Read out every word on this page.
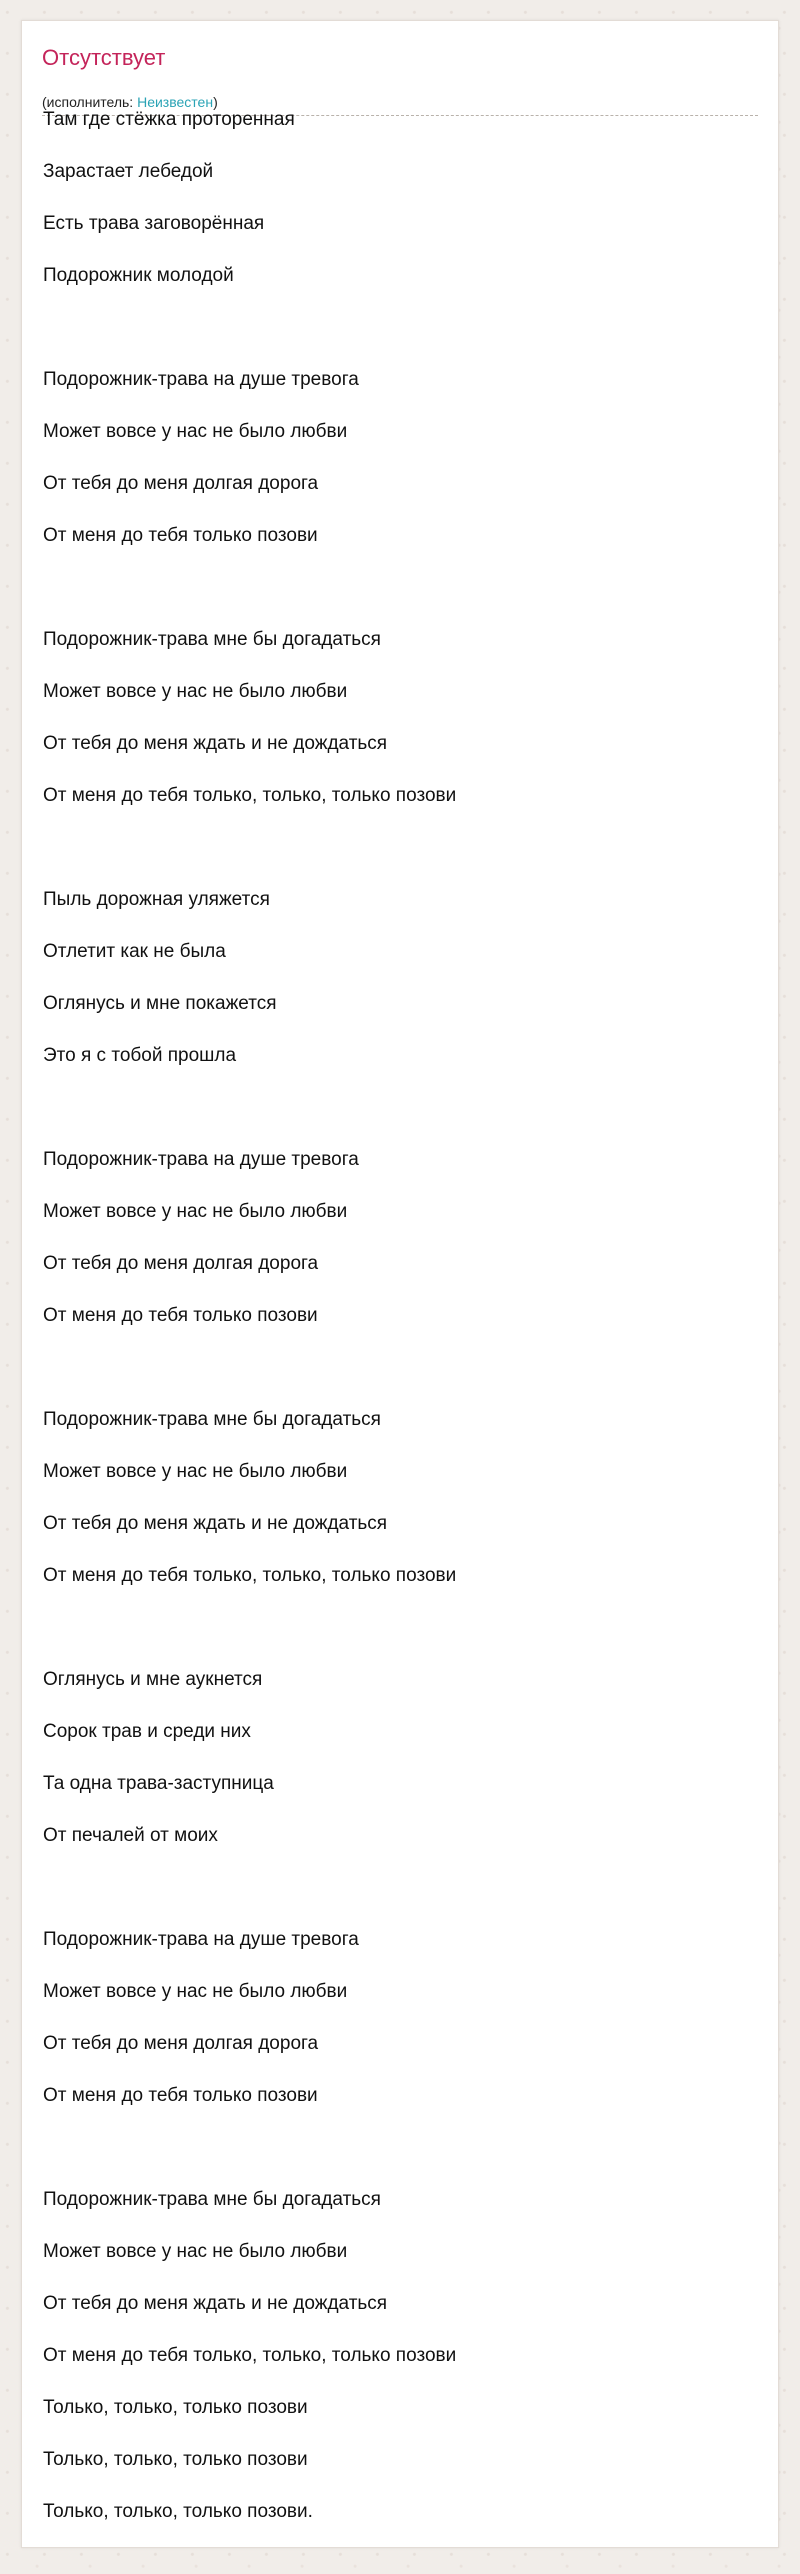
Отсутствует
(исполнитель: Неизвестен)
Там где стёжка проторенная
Зарастает лебедой
Есть трава заговорённая
Подорожник молодой
Подорожник-трава на душе тревога
Может вовсе у нас не было любви
От тебя до меня долгая дорога
От меня до тебя только позови
Подорожник-трава мне бы догадаться
Может вовсе у нас не было любви
От тебя до меня ждать и не дождаться
От меня до тебя только, только, только позови
Пыль дорожная уляжется
Отлетит как не была
Оглянусь и мне покажется
Это я с тобой прошла
Подорожник-трава на душе тревога
Может вовсе у нас не было любви
От тебя до меня долгая дорога
От меня до тебя только позови
Подорожник-трава мне бы догадаться
Может вовсе у нас не было любви
От тебя до меня ждать и не дождаться
От меня до тебя только, только, только позови
Оглянусь и мне аукнется
Сорок трав и среди них
Та одна трава-заступница
От печалей от моих
Подорожник-трава на душе тревога
Может вовсе у нас не было любви
От тебя до меня долгая дорога
От меня до тебя только позови
Подорожник-трава мне бы догадаться
Может вовсе у нас не было любви
От тебя до меня ждать и не дождаться
От меня до тебя только, только, только позови
Только, только, только позови
Только, только, только позови
Только, только, только позови.
